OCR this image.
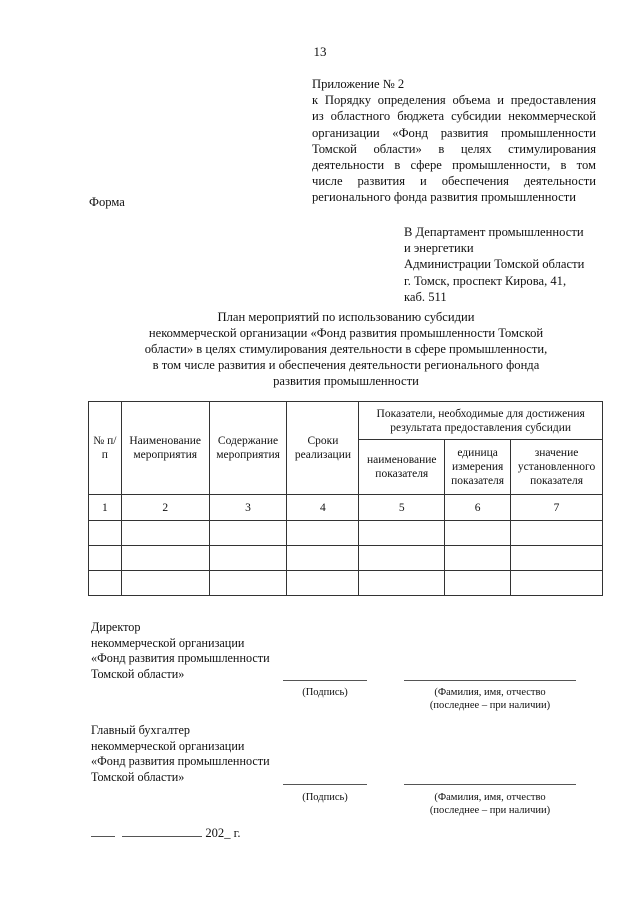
13
Приложение № 2
к Порядку определения объема и предоставления
из областного бюджета субсидии некоммерческой
организации «Фонд развития промышленности
Томской области» в целях стимулирования
деятельности в сфере промышленности, в том
числе развития и обеспечения деятельности
регионального фонда развития промышленности
Форма
В Департамент промышленности
и энергетики
Администрации Томской области
г. Томск, проспект Кирова, 41,
каб. 511
План мероприятий по использованию субсидии
некоммерческой организации «Фонд развития промышленности Томской
области» в целях стимулирования деятельности в сфере промышленности,
в том числе развития и обеспечения деятельности регионального фонда
развития промышленности
№ п/п	Наименование мероприятия	Содержание мероприятия	Сроки реализации	Показатели, необходимые для достижения результата предоставления субсидии		
				наименование показателя	единица измерения показателя	значение установленного показателя
1	2	3	4	5	6	7

Директор
некоммерческой организации
«Фонд развития промышленности
Томской области»
(Подпись)	(Фамилия, имя, отчество
(последнее – при наличии)
Главный бухгалтер
некоммерческой организации
«Фонд развития промышленности
Томской области»
(Подпись)	(Фамилия, имя, отчество
(последнее – при наличии)
202_ г.
